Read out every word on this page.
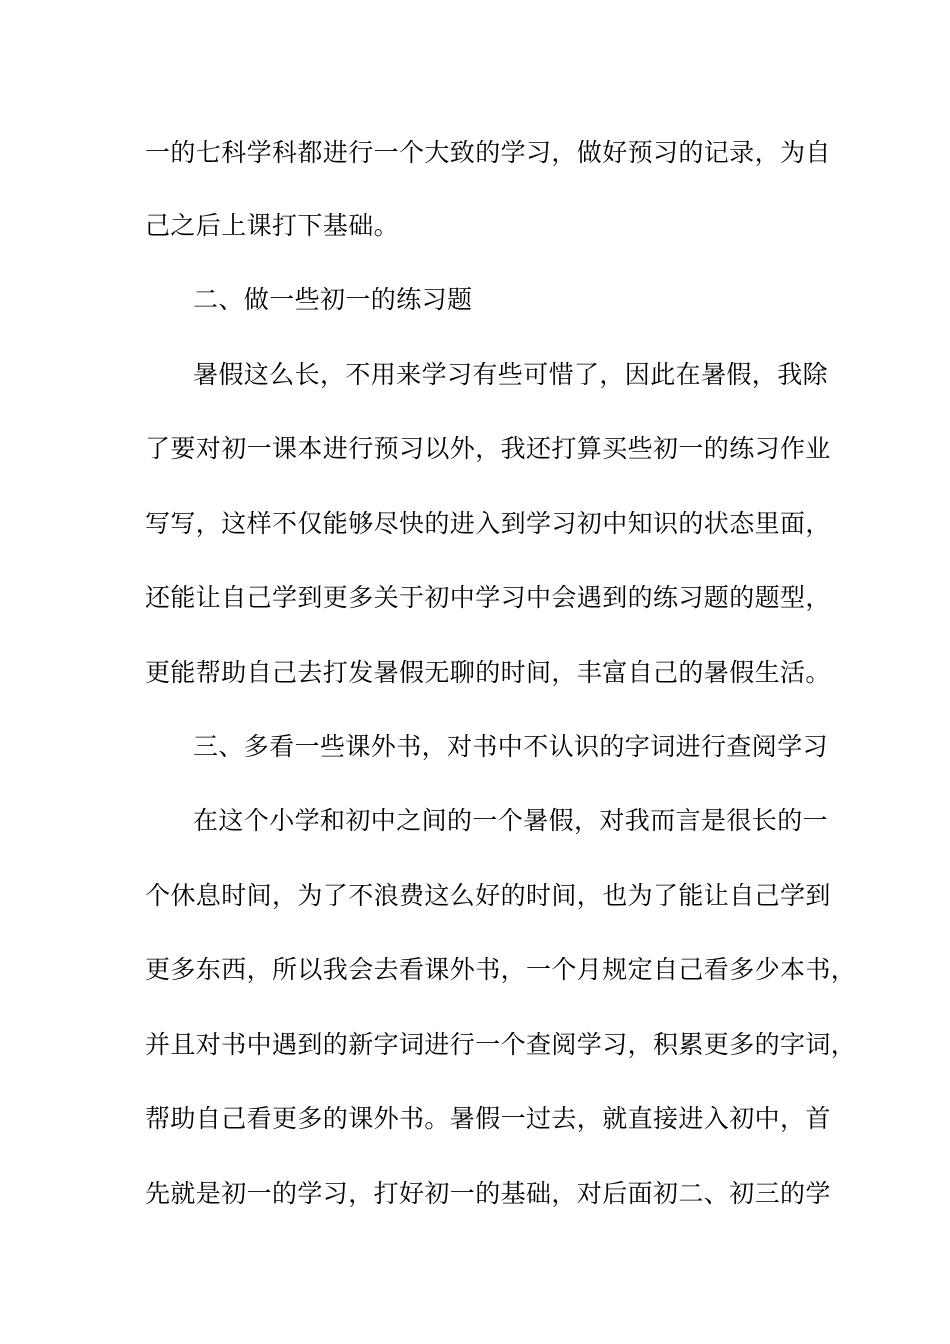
一的七科学科都进行一个大致的学习，做好预习的记录，为自
己之后上课打下基础。
二、做一些初一的练习题
暑假这么长，不用来学习有些可惜了，因此在暑假，我除
了要对初一课本进行预习以外，我还打算买些初一的练习作业
写写，这样不仅能够尽快的进入到学习初中知识的状态里面，
还能让自己学到更多关于初中学习中会遇到的练习题的题型，
更能帮助自己去打发暑假无聊的时间，丰富自己的暑假生活。
三、多看一些课外书，对书中不认识的字词进行查阅学习
在这个小学和初中之间的一个暑假，对我而言是很长的一
个休息时间，为了不浪费这么好的时间，也为了能让自己学到
更多东西，所以我会去看课外书，一个月规定自己看多少本书，
并且对书中遇到的新字词进行一个查阅学习，积累更多的字词，
帮助自己看更多的课外书。暑假一过去，就直接进入初中，首
先就是初一的学习，打好初一的基础，对后面初二、初三的学
